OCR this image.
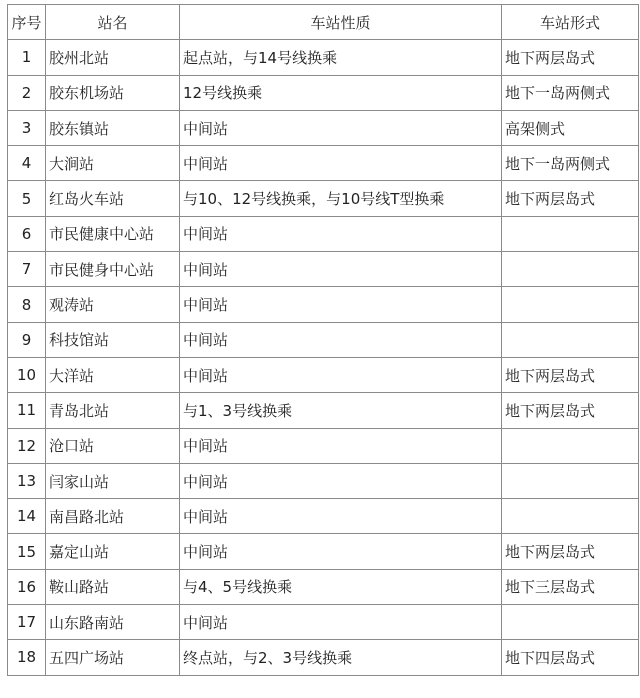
序号	站名	车站性质	车站形式
1	胶州北站	起点站，与14号线换乘	地下两层岛式
2	胶东机场站	12号线换乘	地下一岛两侧式
3	胶东镇站	中间站	高架侧式
4	大涧站	中间站	地下一岛两侧式
5	红岛火车站	与10、12号线换乘，与10号线T型换乘	地下两层岛式
6	市民健康中心站	中间站	
7	市民健身中心站	中间站	
8	观涛站	中间站	
9	科技馆站	中间站	
10	大洋站	中间站	地下两层岛式
11	青岛北站	与1、3号线换乘	地下两层岛式
12	沧口站	中间站	
13	闫家山站	中间站	
14	南昌路北站	中间站	
15	嘉定山站	中间站	地下两层岛式
16	鞍山路站	与4、5号线换乘	地下三层岛式
17	山东路南站	中间站	
18	五四广场站	终点站，与2、3号线换乘	地下四层岛式
